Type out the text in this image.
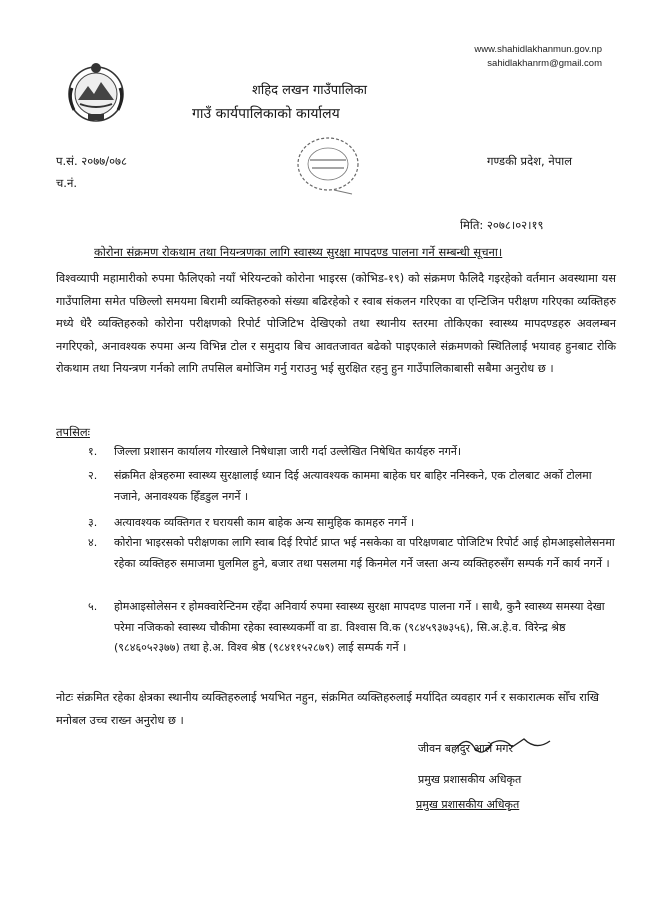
www.shahidlakhanmun.gov.np
sahidlakhanrm@gmail.com
शहिद लखन गाउँपालिका
गाउँ कार्यपालिकाको कार्यालय
प.सं. २०७७/०७८
च.नं.
गण्डकी प्रदेश, नेपाल
मिति: २०७८।०२।१९
कोरोना संक्रमण रोकथाम तथा नियन्त्रणका लागि स्वास्थ्य सुरक्षा मापदण्ड पालना गर्ने सम्बन्धी सूचना।
विश्वव्यापी महामारीको रुपमा फैलिएको नयाँ भेरियन्टको कोरोना भाइरस (कोभिड-१९) को संक्रमण फैलिदै गइरहेको वर्तमान अवस्थामा यस गाउँपालिमा समेत पछिल्लो समयमा बिरामी व्यक्तिहरुको संख्या बढिरहेको र स्वाब संकलन गरिएका वा एन्टिजिन परीक्षण गरिएका व्यक्तिहरु मध्ये धेरै व्यक्तिहरुको कोरोना परीक्षणको रिपोर्ट पोजिटिभ देखिएको तथा स्थानीय स्तरमा तोकिएका स्वास्थ्य मापदण्डहरु अवलम्बन नगरिएको, अनावश्यक रुपमा अन्य विभिन्न टोल र समुदाय बिच आवतजावत बढेको पाइएकाले संक्रमणको स्थितिलाई भयावह हुनबाट रोकि रोकथाम तथा नियन्त्रण गर्नको लागि तपसिल बमोजिम गर्नु गराउनु भई सुरक्षित रहनु हुन गाउँपालिकाबासी सबैमा अनुरोध छ ।
तपसिलः
१. जिल्ला प्रशासन कार्यालय गोरखाले निषेधाज्ञा जारी गर्दा उल्लेखित निषेधित कार्यहरु नगर्ने।
२. संक्रमित क्षेत्रहरुमा स्वास्थ्य सुरक्षालाई ध्यान दिई अत्यावश्यक काममा बाहेक घर बाहिर ननिस्कने, एक टोलबाट अर्को टोलमा नजाने, अनावश्यक हिँडडुल नगर्ने ।
३. अत्यावश्यक व्यक्तिगत र घरायसी काम बाहेक अन्य सामुहिक कामहरु नगर्ने ।
४. कोरोना भाइरसको परीक्षणका लागि स्वाब दिई रिपोर्ट प्राप्त भई नसकेका वा परिक्षणबाट पोजिटिभ रिपोर्ट आई होमआइसोलेसनमा रहेका व्यक्तिहरु समाजमा घुलमिल हुने, बजार तथा पसलमा गई किनमेल गर्ने जस्ता अन्य व्यक्तिहरुसँग सम्पर्क गर्ने कार्य नगर्ने ।
५. होमआइसोलेसन र होमक्वारेन्टिनम रहँदा अनिवार्य रुपमा स्वास्थ्य सुरक्षा मापदण्ड पालना गर्ने । साथै, कुनै स्वास्थ्य समस्या देखा परेमा नजिकको स्वास्थ्य चौकीमा रहेका स्वास्थ्यकर्मी वा डा. विश्वास वि.क (९८४५९३७३५६), सि.अ.हे.व. विरेन्द्र श्रेष्ठ (९८४६०५२३७७) तथा हे.अ. विश्व श्रेष्ठ (९८४११५२८७९) लाई सम्पर्क गर्ने ।
नोटः संक्रमित रहेका क्षेत्रका स्थानीय व्यक्तिहरुलाई भयभित नहुन, संक्रमित व्यक्तिहरुलाई मर्यादित व्यवहार गर्न र सकारात्मक सोँच राखि मनोबल उच्च राख्न अनुरोध छ ।
जीवन बहादुर आले मगर
प्रमुख प्रशासकीय अधिकृत
प्रमुख प्रशासकीय अधिकृत
